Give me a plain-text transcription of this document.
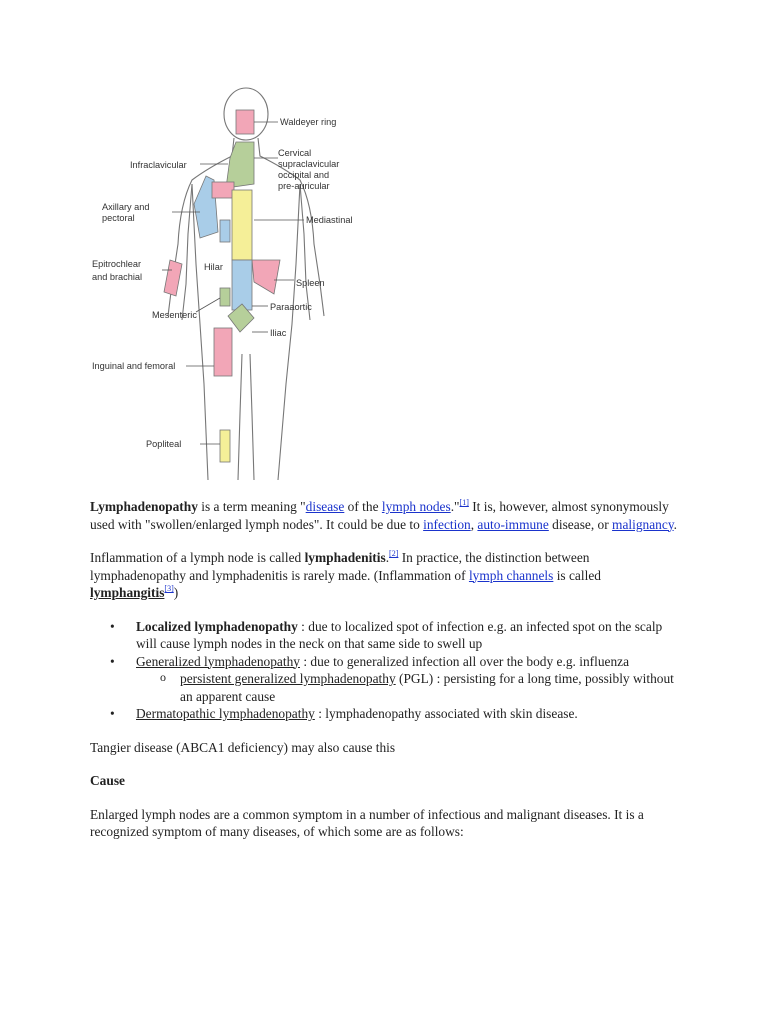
Waldeyer ring
Cervical
supraclavicular
occipital and
pre-auricular
Infraclavicular
Axillary and
pectoral	Mediastinal
Epitrochlear
and brachial
Hilar
Spleen
Paraaortic
Mesenteric
Iliac
Inguinal and femoral
Popliteal

Lymphadenopathy is a term meaning "disease of the lymph nodes."[1] It is, however, almost synonymously used with "swollen/enlarged lymph nodes". It could be due to infection, auto-immune disease, or malignancy.

Inflammation of a lymph node is called lymphadenitis.[2] In practice, the distinction between lymphadenopathy and lymphadenitis is rarely made. (Inflammation of lymph channels is called lymphangitis[3])

• Localized lymphadenopathy : due to localized spot of infection e.g. an infected spot on the scalp will cause lymph nodes in the neck on that same side to swell up
• Generalized lymphadenopathy : due to generalized infection all over the body e.g. influenza
o persistent generalized lymphadenopathy (PGL) : persisting for a long time, possibly without an apparent cause
• Dermatopathic lymphadenopathy : lymphadenopathy associated with skin disease.

Tangier disease (ABCA1 deficiency) may also cause this

Cause

Enlarged lymph nodes are a common symptom in a number of infectious and malignant diseases. It is a recognized symptom of many diseases, of which some are as follows:
